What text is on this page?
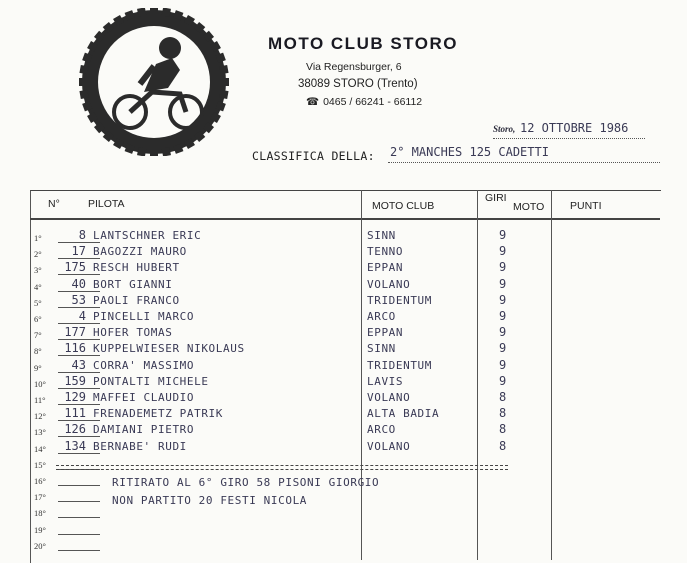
MOTO CLUB STORO
Via Regensburger, 6
38089 STORO (Trento)
☎ 0465 / 66241 - 66112
Storo, 12 OTTOBRE 1986
CLASSIFICA DELLA: 2° MANCHES 125 CADETTI
N°	PILOTA	MOTO CLUB
GIRI
MOTO PUNTI
1°	8 LANTSCHNER ERIC	SINN	9
2°	17 BAGOZZI MAURO	TENNO	9
3°	175 RESCH HUBERT	EPPAN	9
4°	40 BORT GIANNI	VOLANO	9
5°	53 PAOLI FRANCO	TRIDENTUM	9
6°	4 PINCELLI MARCO	ARCO	9
7°	177 HOFER TOMAS	EPPAN	9
8°	116 KUPPELWIESER NIKOLAUS	SINN	9
9°	43 CORRA' MASSIMO	TRIDENTUM	9
10°	159 PONTALTI MICHELE	LAVIS	9
11°	129 MAFFEI CLAUDIO	VOLANO	8
12°	111 FRENADEMETZ PATRIK	ALTA BADIA	8
13°	126 DAMIANI PIETRO	ARCO	8
14°	134 BERNABE' RUDI	VOLANO	8
15°
16°
17°
18°
19°
20°
RITIRATO AL 6° GIRO 58 PISONI GIORGIO
NON PARTITO 20 FESTI NICOLA
